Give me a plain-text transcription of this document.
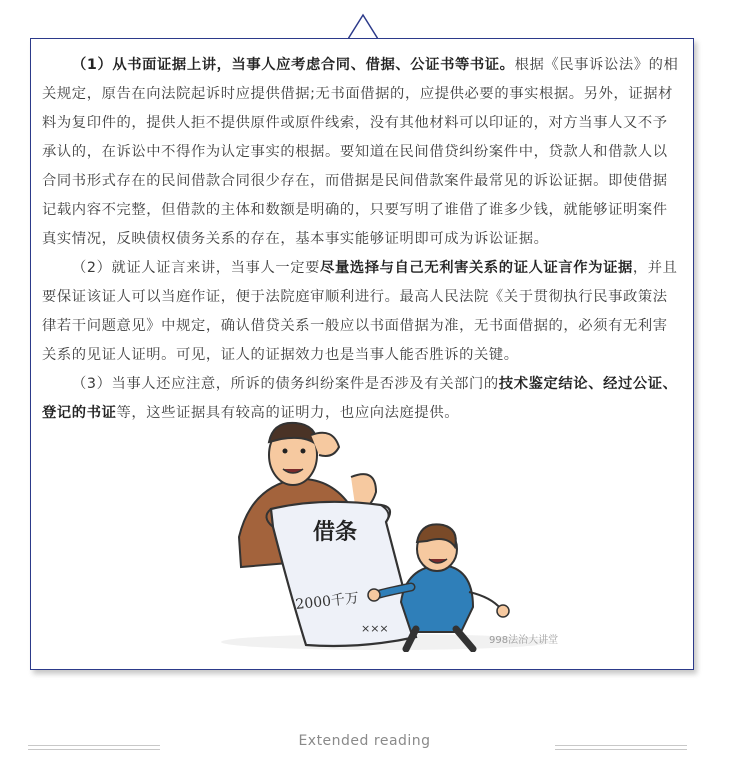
（1）从书面证据上讲，当事人应考虑合同、借据、公证书等书证。根据《民事诉讼法》的相关规定，原告在向法院起诉时应提供借据;无书面借据的，应提供必要的事实根据。另外，证据材料为复印件的，提供人拒不提供原件或原件线索，没有其他材料可以印证的，对方当事人又不予承认的，在诉讼中不得作为认定事实的根据。要知道在民间借贷纠纷案件中，贷款人和借款人以合同书形式存在的民间借款合同很少存在，而借据是民间借款案件最常见的诉讼证据。即使借据记载内容不完整，但借款的主体和数额是明确的，只要写明了谁借了谁多少钱，就能够证明案件真实情况，反映债权债务关系的存在，基本事实能够证明即可成为诉讼证据。

（2）就证人证言来讲，当事人一定要尽量选择与自己无利害关系的证人证言作为证据，并且要保证该证人可以当庭作证，便于法院庭审顺利进行。最高人民法院《关于贯彻执行民事政策法律若干问题意见》中规定，确认借贷关系一般应以书面借据为准，无书面借据的，必须有无利害关系的见证人证明。可见，证人的证据效力也是当事人能否胜诉的关键。

（3）当事人还应注意，所诉的债务纠纷案件是否涉及有关部门的技术鉴定结论、经过公证、登记的书证等，这些证据具有较高的证明力，也应向法庭提供。

借条
2000千万
×××
998法治大讲堂
Extended reading
